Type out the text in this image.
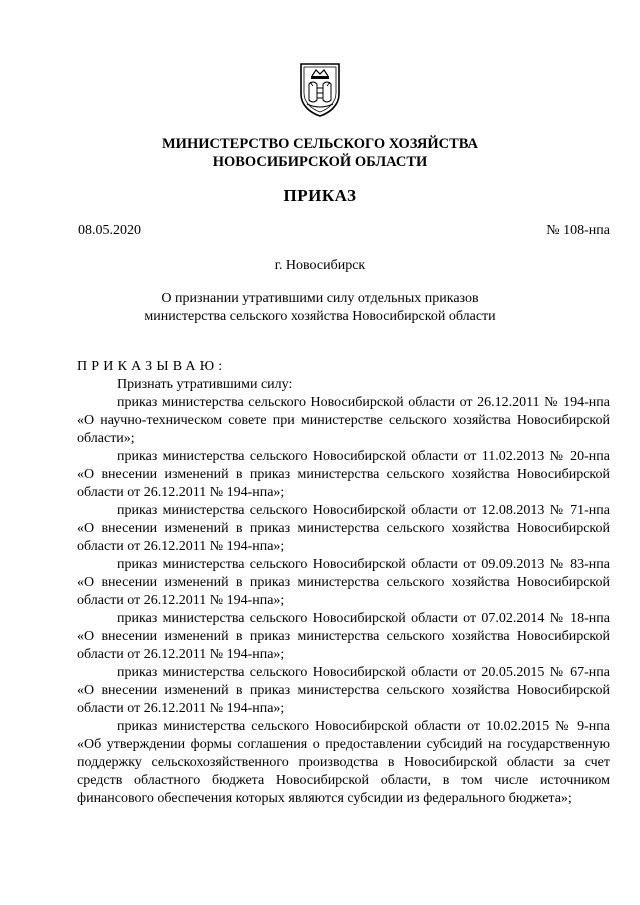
МИНИСТЕРСТВО СЕЛЬСКОГО ХОЗЯЙСТВА
НОВОСИБИРСКОЙ ОБЛАСТИ
ПРИКАЗ
08.05.2020	№ 108-нпа
г. Новосибирск
О признании утратившими силу отдельных приказов
министерства сельского хозяйства Новосибирской области
ПРИКАЗЫВАЮ:

Признать утратившими силу:

приказ министерства сельского Новосибирской области от 26.12.2011 № 194-нпа «О научно-техническом совете при министерстве сельского хозяйства Новосибирской области»;

приказ министерства сельского Новосибирской области от 11.02.2013 № 20-нпа «О внесении изменений в приказ министерства сельского хозяйства Новосибирской области от 26.12.2011 № 194-нпа»;

приказ министерства сельского Новосибирской области от 12.08.2013 № 71-нпа «О внесении изменений в приказ министерства сельского хозяйства Новосибирской области от 26.12.2011 № 194-нпа»;

приказ министерства сельского Новосибирской области от 09.09.2013 № 83-нпа «О внесении изменений в приказ министерства сельского хозяйства Новосибирской области от 26.12.2011 № 194-нпа»;

приказ министерства сельского Новосибирской области от 07.02.2014 № 18-нпа «О внесении изменений в приказ министерства сельского хозяйства Новосибирской области от 26.12.2011 № 194-нпа»;

приказ министерства сельского Новосибирской области от 20.05.2015 № 67-нпа «О внесении изменений в приказ министерства сельского хозяйства Новосибирской области от 26.12.2011 № 194-нпа»;

приказ министерства сельского Новосибирской области от 10.02.2015 № 9-нпа «Об утверждении формы соглашения о предоставлении субсидий на государственную поддержку сельскохозяйственного производства в Новосибирской области за счет средств областного бюджета Новосибирской области, в том числе источником финансового обеспечения которых являются субсидии из федерального бюджета»;
